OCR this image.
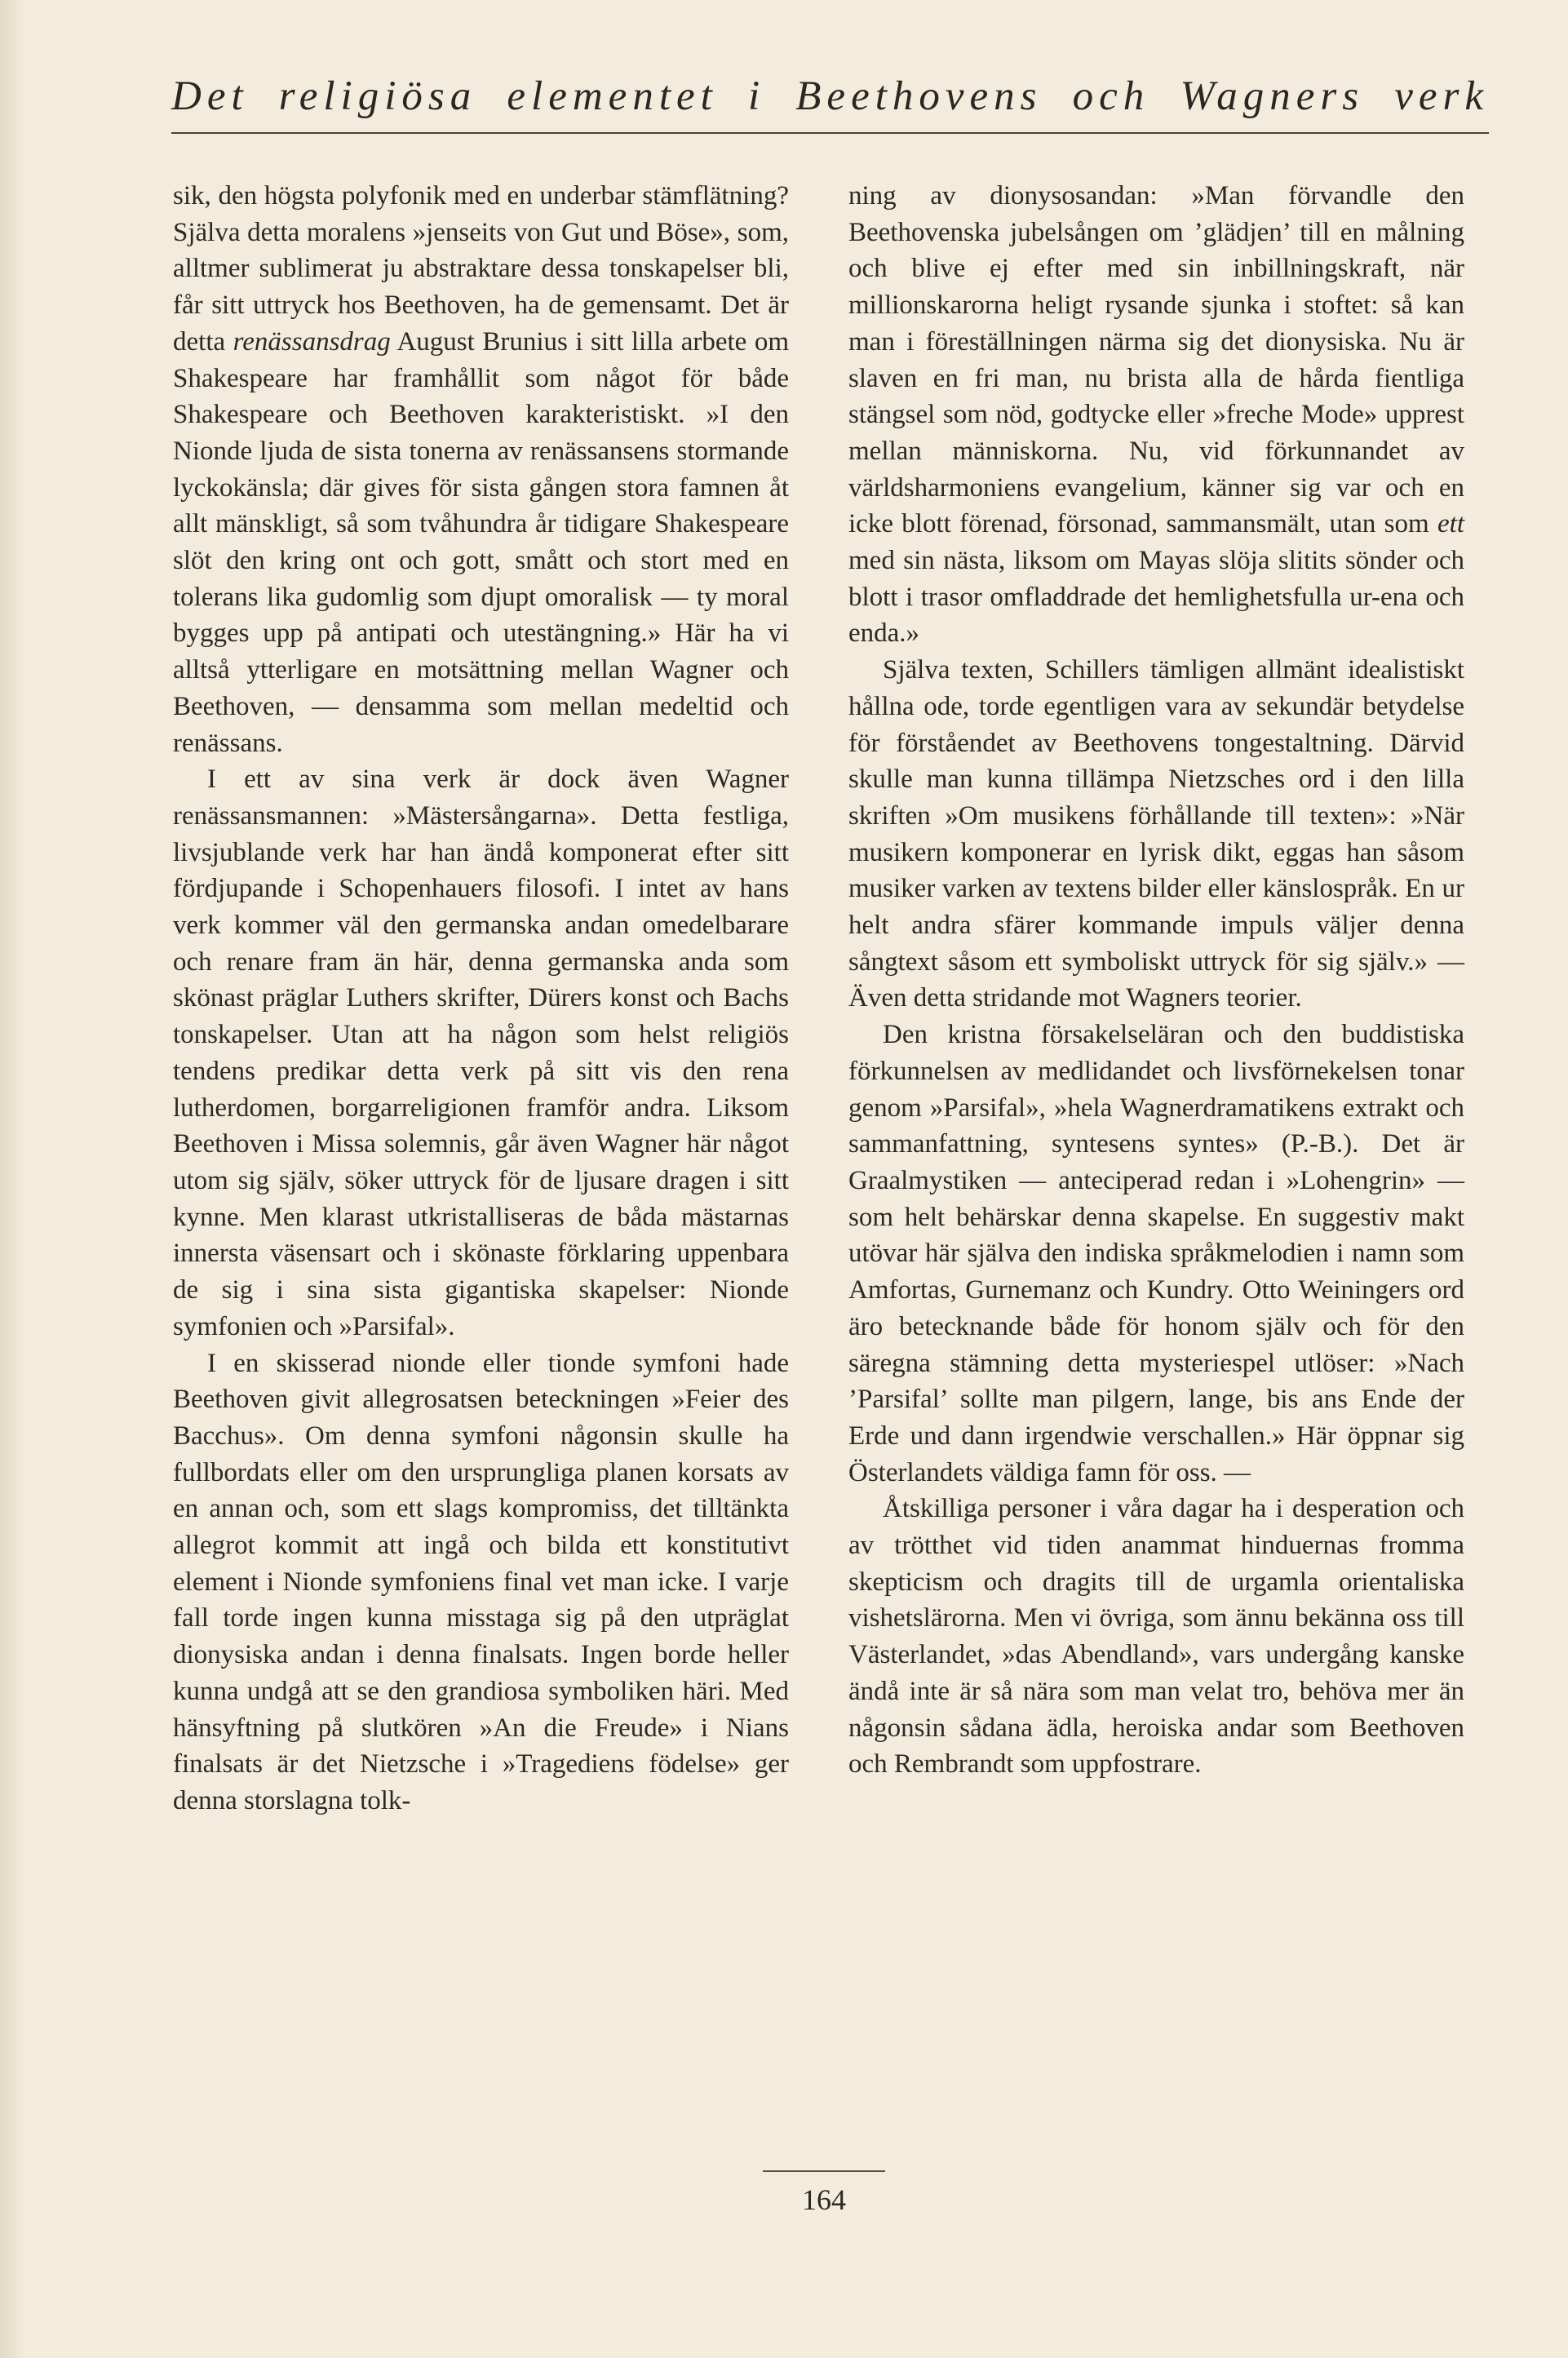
Det religiösa elementet i Beethovens och Wagners verk

sik, den högsta polyfonik med en underbar stämflätning? Själva detta moralens »jenseits von Gut und Böse», som, alltmer sublimerat ju abstraktare dessa tonskapelser bli, får sitt uttryck hos Beethoven, ha de gemensamt. Det är detta renässansdrag August Brunius i sitt lilla arbete om Shakespeare har framhållit som något för både Shakespeare och Beethoven karakteristiskt. »I den Nionde ljuda de sista tonerna av renässansens stormande lyckokänsla; där gives för sista gången stora famnen åt allt mänskligt, så som tvåhundra år tidigare Shakespeare slöt den kring ont och gott, smått och stort med en tolerans lika gudomlig som djupt omoralisk — ty moral bygges upp på antipati och utestängning.» Här ha vi alltså ytterligare en motsättning mellan Wagner och Beethoven, — densamma som mellan medeltid och renässans.

I ett av sina verk är dock även Wagner renässansmannen: »Mästersångarna». Detta festliga, livsjublande verk har han ändå komponerat efter sitt fördjupande i Schopenhauers filosofi. I intet av hans verk kommer väl den germanska andan omedelbarare och renare fram än här, denna germanska anda som skönast präglar Luthers skrifter, Dürers konst och Bachs tonskapelser. Utan att ha någon som helst religiös tendens predikar detta verk på sitt vis den rena lutherdomen, borgarreligionen framför andra. Liksom Beethoven i Missa solemnis, går även Wagner här något utom sig själv, söker uttryck för de ljusare dragen i sitt kynne. Men klarast utkristalliseras de båda mästarnas innersta väsensart och i skönaste förklaring uppenbara de sig i sina sista gigantiska skapelser: Nionde symfonien och »Parsifal».

I en skisserad nionde eller tionde symfoni hade Beethoven givit allegrosatsen beteckningen »Feier des Bacchus». Om denna symfoni någonsin skulle ha fullbordats eller om den ursprungliga planen korsats av en annan och, som ett slags kompromiss, det tilltänkta allegrot kommit att ingå och bilda ett konstitutivt element i Nionde symfoniens final vet man icke. I varje fall torde ingen kunna misstaga sig på den utpräglat dionysiska andan i denna finalsats. Ingen borde heller kunna undgå att se den grandiosa symboliken häri. Med hänsyftning på slutkören »An die Freude» i Nians finalsats är det Nietzsche i »Tragediens födelse» ger denna storslagna tolk-

ning av dionysosandan: »Man förvandle den Beethovenska jubelsången om ’glädjen’ till en målning och blive ej efter med sin inbillningskraft, när millionskarorna heligt rysande sjunka i stoftet: så kan man i föreställningen närma sig det dionysiska. Nu är slaven en fri man, nu brista alla de hårda fientliga stängsel som nöd, godtycke eller »freche Mode» upprest mellan människorna. Nu, vid förkunnandet av världsharmoniens evangelium, känner sig var och en icke blott förenad, försonad, sammansmält, utan som ett med sin nästa, liksom om Mayas slöja slitits sönder och blott i trasor omfladdrade det hemlighetsfulla ur-ena och enda.»

Själva texten, Schillers tämligen allmänt idealistiskt hållna ode, torde egentligen vara av sekundär betydelse för förståendet av Beethovens tongestaltning. Därvid skulle man kunna tillämpa Nietzsches ord i den lilla skriften »Om musikens förhållande till texten»: »När musikern komponerar en lyrisk dikt, eggas han såsom musiker varken av textens bilder eller känslospråk. En ur helt andra sfärer kommande impuls väljer denna sångtext såsom ett symboliskt uttryck för sig själv.» — Även detta stridande mot Wagners teorier.

Den kristna försakelseläran och den buddistiska förkunnelsen av medlidandet och livsförnekelsen tonar genom »Parsifal», »hela Wagnerdramatikens extrakt och sammanfattning, syntesens syntes» (P.-B.). Det är Graalmystiken — anteciperad redan i »Lohengrin» — som helt behärskar denna skapelse. En suggestiv makt utövar här själva den indiska språkmelodien i namn som Amfortas, Gurnemanz och Kundry. Otto Weiningers ord äro betecknande både för honom själv och för den säregna stämning detta mysteriespel utlöser: »Nach ’Parsifal’ sollte man pilgern, lange, bis ans Ende der Erde und dann irgendwie verschallen.» Här öppnar sig Österlandets väldiga famn för oss. —

Åtskilliga personer i våra dagar ha i desperation och av trötthet vid tiden anammat hinduernas fromma skepticism och dragits till de urgamla orientaliska vishetslärorna. Men vi övriga, som ännu bekänna oss till Västerlandet, »das Abendland», vars undergång kanske ändå inte är så nära som man velat tro, behöva mer än någonsin sådana ädla, heroiska andar som Beethoven och Rembrandt som uppfostrare.

164
